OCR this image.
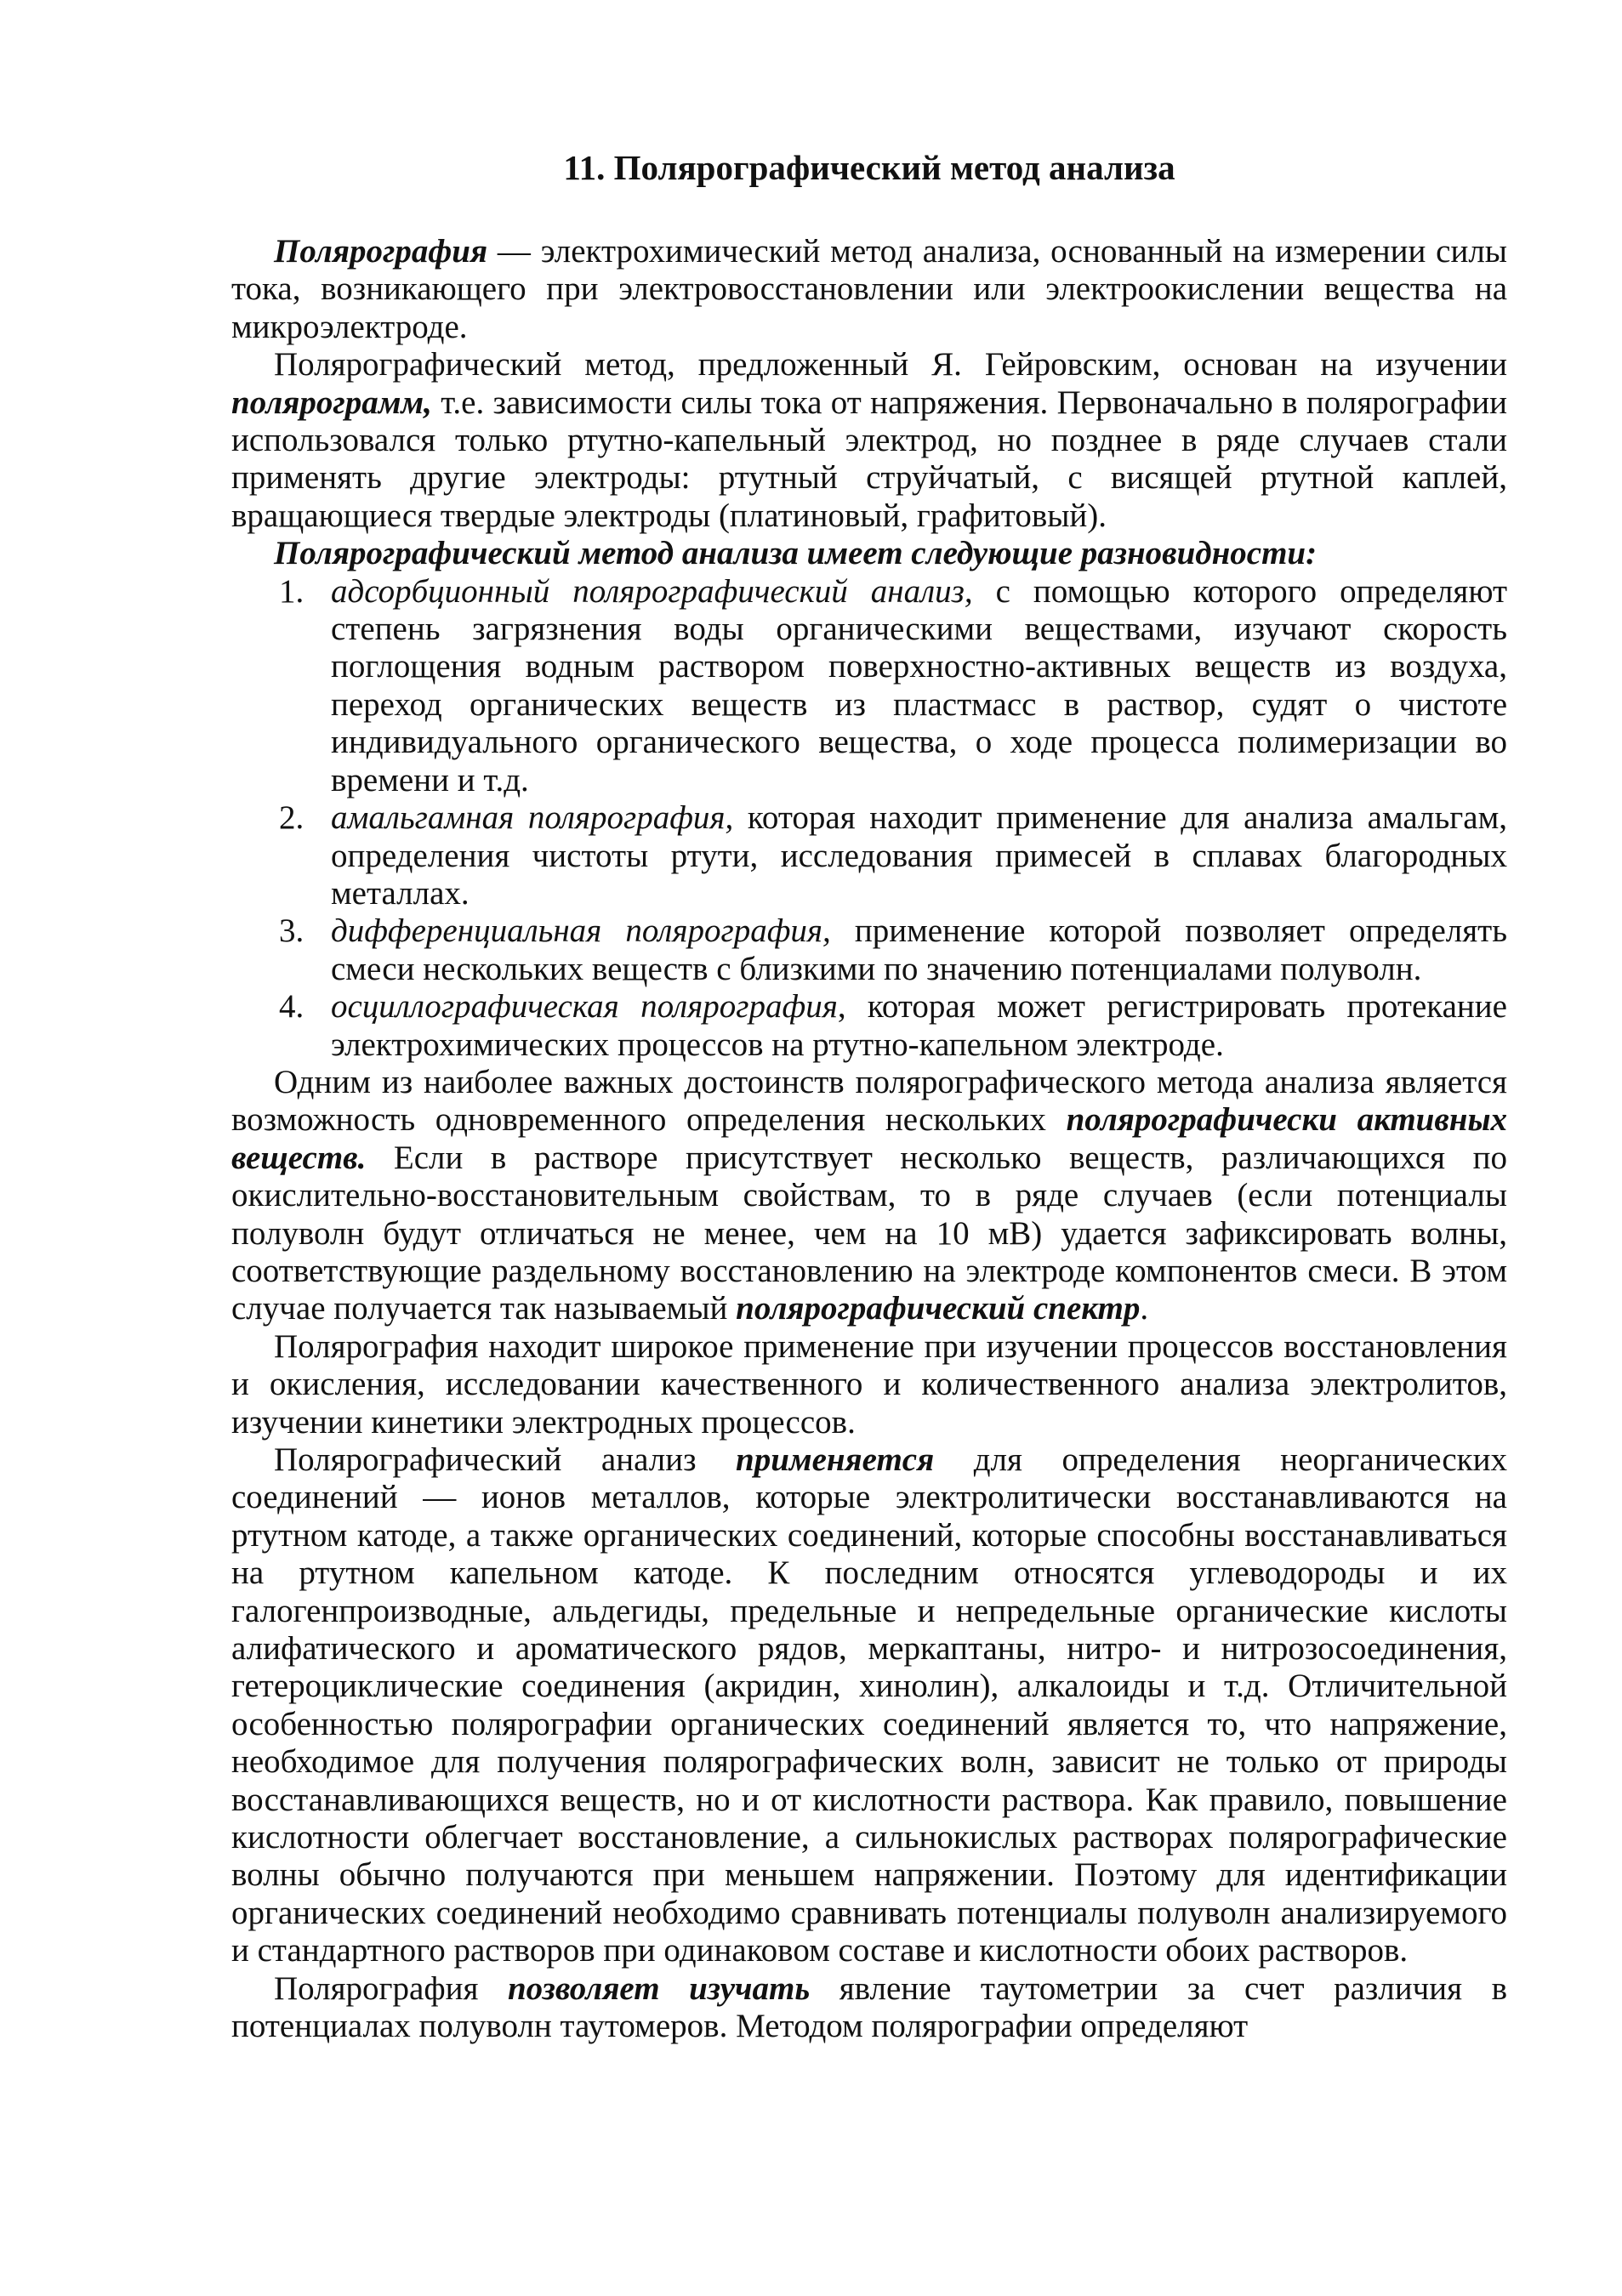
11. Полярографический метод анализа

Полярография — электрохимический метод анализа, основанный на измерении силы тока, возникающего при электровосстановлении или электроокислении вещества на микроэлектроде.

Полярографический метод, предложенный Я. Гейровским, основан на изучении полярограмм, т.е. зависимости силы тока от напряжения. Первоначально в полярографии использовался только ртутно-капельный электрод, но позднее в ряде случаев стали применять другие электроды: ртутный струйчатый, с висящей ртутной каплей, вращающиеся твердые электроды (платиновый, графитовый).

Полярографический метод анализа имеет следующие разновидности:

1. адсорбционный полярографический анализ, с помощью которого определяют степень загрязнения воды органическими веществами, изучают скорость поглощения водным раствором поверхностно-активных веществ из воздуха, переход органических веществ из пластмасс в раствор, судят о чистоте индивидуального органического вещества, о ходе процесса полимеризации во времени и т.д.
2. амальгамная полярография, которая находит применение для анализа амальгам, определения чистоты ртути, исследования примесей в сплавах благородных металлах.
3. дифференциальная полярография, применение которой позволяет определять смеси нескольких веществ с близкими по значению потенциалами полуволн.
4. осциллографическая полярография, которая может регистрировать протекание электрохимических процессов на ртутно-капельном электроде.

Одним из наиболее важных достоинств полярографического метода анализа является возможность одновременного определения нескольких полярографически активных веществ. Если в растворе присутствует несколько веществ, различающихся по окислительно-восстановительным свойствам, то в ряде случаев (если потенциалы полуволн будут отличаться не менее, чем на 10 мВ) удается зафиксировать волны, соответствующие раздельному восстановлению на электроде компонентов смеси. В этом случае получается так называемый полярографический спектр.

Полярография находит широкое применение при изучении процессов восстановления и окисления, исследовании качественного и количественного анализа электролитов, изучении кинетики электродных процессов.

Полярографический анализ применяется для определения неорганических соединений — ионов металлов, которые электролитически восстанавливаются на ртутном катоде, а также органических соединений, которые способны восстанавливаться на ртутном капельном катоде. К последним относятся углеводороды и их галогенпроизводные, альдегиды, предельные и непредельные органические кислоты алифатического и ароматического рядов, меркаптаны, нитро- и нитрозосоединения, гетероциклические соединения (акридин, хинолин), алкалоиды и т.д. Отличительной особенностью полярографии органических соединений является то, что напряжение, необходимое для получения полярографических волн, зависит не только от природы восстанавливающихся веществ, но и от кислотности раствора. Как правило, повышение кислотности облегчает восстановление, а сильнокислых растворах полярографические волны обычно получаются при меньшем напряжении. Поэтому для идентификации органических соединений необходимо сравнивать потенциалы полуволн анализируемого и стандартного растворов при одинаковом составе и кислотности обоих растворов.

Полярография позволяет изучать явление таутометрии за счет различия в потенциалах полуволн таутомеров. Методом полярографии определяют
